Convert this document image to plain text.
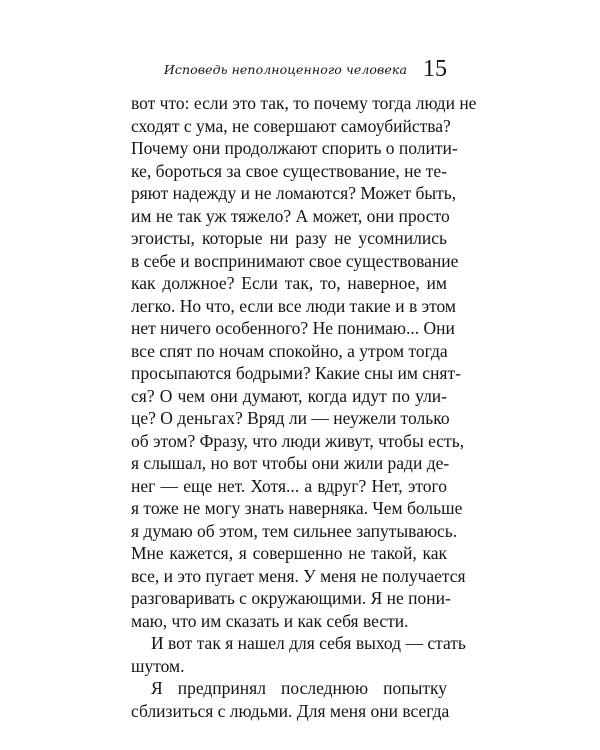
Исповедь неполноценного человека 15
вот что: если это так, то почему тогда люди не
сходят с ума, не совершают самоубийства?
Почему они продолжают спорить о полити-
ке, бороться за свое существование, не те-
ряют надежду и не ломаются? Может быть,
им не так уж тяжело? А может, они просто
эгоисты, которые ни разу не усомнились
в себе и воспринимают свое существование
как должное? Если так, то, наверное, им
легко. Но что, если все люди такие и в этом
нет ничего особенного? Не понимаю... Они
все спят по ночам спокойно, а утром тогда
просыпаются бодрыми? Какие сны им снят-
ся? О чем они думают, когда идут по ули-
це? О деньгах? Вряд ли — неужели только
об этом? Фразу, что люди живут, чтобы есть,
я слышал, но вот чтобы они жили ради де-
нег — еще нет. Хотя... а вдруг? Нет, этого
я тоже не могу знать наверняка. Чем больше
я думаю об этом, тем сильнее запутываюсь.
Мне кажется, я совершенно не такой, как
все, и это пугает меня. У меня не получается
разговаривать с окружающими. Я не пони-
маю, что им сказать и как себя вести.
И вот так я нашел для себя выход — стать
шутом.
Я предпринял последнюю попытку
сблизиться с людьми. Для меня они всегда
